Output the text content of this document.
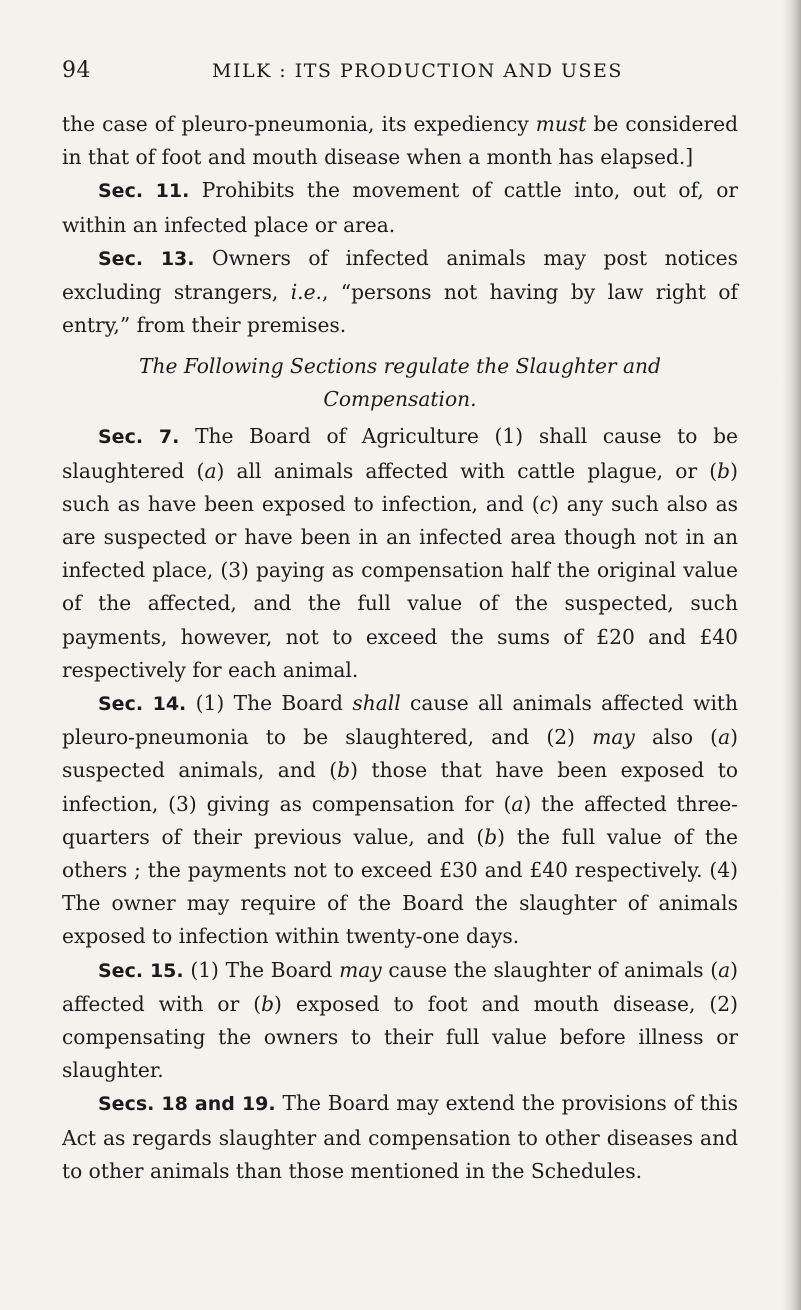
94	MILK : ITS PRODUCTION AND USES

the case of pleuro-pneumonia, its expediency must be considered in that of foot and mouth disease when a month has elapsed.]

Sec. 11. Prohibits the movement of cattle into, out of, or within an infected place or area.

Sec. 13. Owners of infected animals may post notices excluding strangers, i.e., “persons not having by law right of entry,” from their premises.

The Following Sections regulate the Slaughter and
Compensation.

Sec. 7. The Board of Agriculture (1) shall cause to be slaughtered (a) all animals affected with cattle plague, or (b) such as have been exposed to infection, and (c) any such also as are suspected or have been in an infected area though not in an infected place, (3) paying as compensation half the original value of the affected, and the full value of the suspected, such payments, however, not to exceed the sums of £20 and £40 respectively for each animal.

Sec. 14. (1) The Board shall cause all animals affected with pleuro-pneumonia to be slaughtered, and (2) may also (a) suspected animals, and (b) those that have been exposed to infection, (3) giving as compensation for (a) the affected three-quarters of their previous value, and (b) the full value of the others ; the payments not to exceed £30 and £40 respectively. (4) The owner may require of the Board the slaughter of animals exposed to infection within twenty-one days.

Sec. 15. (1) The Board may cause the slaughter of animals (a) affected with or (b) exposed to foot and mouth disease, (2) compensating the owners to their full value before illness or slaughter.

Secs. 18 and 19. The Board may extend the provisions of this Act as regards slaughter and compensation to other diseases and to other animals than those mentioned in the Schedules.
